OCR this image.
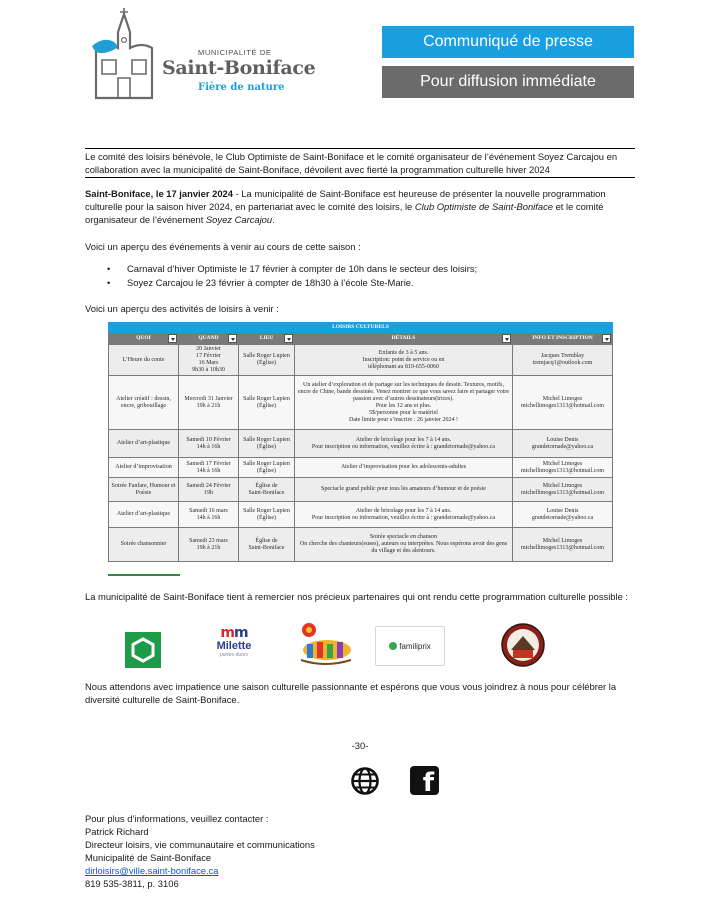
MUNICIPALITÉ DE
Saint-Boniface
Fière de nature
Communiqué de presse
Pour diffusion immédiate
Le comité des loisirs bénévole, le Club Optimiste de Saint-Boniface et le comité organisateur de l’événement Soyez Carcajou en collaboration avec la municipalité de Saint-Boniface, dévoilent avec fierté la programmation culturelle hiver 2024
Saint-Boniface, le 17 janvier 2024 - La municipalité de Saint-Boniface est heureuse de présenter la nouvelle programmation culturelle pour la saison hiver 2024, en partenariat avec le comité des loisirs, le Club Optimiste de Saint-Boniface et le comité organisateur de l’événement Soyez Carcajou.
Voici un aperçu des événements à venir au cours de cette saison :
• Carnaval d’hiver Optimiste le 17 février à compter de 10h dans le secteur des loisirs;
• Soyez Carcajou le 23 février à compter de 18h30 à l’école Ste-Marie.
Voici un aperçu des activités de loisirs à venir :
LOISIRS CULTURELS				
QUOI	QUAND	LIEU	DÉTAILS	INFO ET INSCRIPTION

L’Heure du conte	20 Janvier
17 Février
16 Mars
9h30 à 10h30	Salle Roger Lupien
(Église)	Enfants de 3 à 5 ans.
Inscription: point de service ou en
téléphonant au 819-655-0060	Jacques Tremblay
tremjacq1@outlook.com
Atelier créatif : dessin, encre, gribouillage	Mercredi 31 Janvier
19h à 21h	Salle Roger Lupien
(Église)	Un atelier d’exploration et de partage sur les techniques de dessin. Textures, motifs, encre de Chine, bande dessinée. Venez montrer ce que vous savez faire et partager votre passion avec d’autres dessinateurs(trices).
Pour les 12 ans et plus.
5$/personne pour le matériel
Date limite pour s’inscrire : 26 janvier 2024 !	Michel Limoges
michellimoges1313@hotmail.com
Atelier d’art-plastique	Samedi 10 Février
14h à 16h	Salle Roger Lupien
(Église)	Atelier de bricolage pour les 7 à 14 ans.
Pour inscription ou information, veuillez écrire à : grandetornade@yahoo.ca	Louise Denis
grandetornade@yahoo.ca
Atelier d’improvisation	Samedi 17 Février
14h à 16h	Salle Roger Lupien
(Église)	Atelier d’improvisation pour les adolescents-adultes	Michel Limoges
michellimoges1313@hotmail.com
Soirée Fanfare, Humour et Poésie	Samedi 24 Février
19h	Église de
Saint-Boniface	Spectacle grand public pour tous les amateurs d’humour et de poésie	Michel Limoges
michellimoges1313@hotmail.com
Atelier d’art-plastique	Samedi 16 mars
14h à 16h	Salle Roger Lupien
(Église)	Atelier de bricolage pour les 7 à 14 ans.
Pour inscription ou information, veuillez écrire à : grandetornade@yahoo.ca	Louise Denis
grandetornade@yahoo.ca
Soirée chansonnier	Samedi 23 mars
19h à 21h	Église de
Saint-Boniface	Soirée spectacle en chanson
On cherche des chanteurs(euses), auteurs ou interprètes. Nous espérons avoir des gens du village et des alentours.	Michel Limoges
michellimoges1313@hotmail.com
La municipalité de Saint-Boniface tient à remercier nos précieux partenaires qui ont rendu cette programmation culturelle possible :
mm
Milette
portes·doors
familiprix
Nous attendons avec impatience une saison culturelle passionnante et espérons que vous vous joindrez à nous pour célébrer la diversité culturelle de Saint-Boniface.
-30-
f
Pour plus d’informations, veuillez contacter :
Patrick Richard
Directeur loisirs, vie communautaire et communications
Municipalité de Saint-Boniface
dirloisirs@ville.saint-boniface.ca
819 535-3811, p. 3106
